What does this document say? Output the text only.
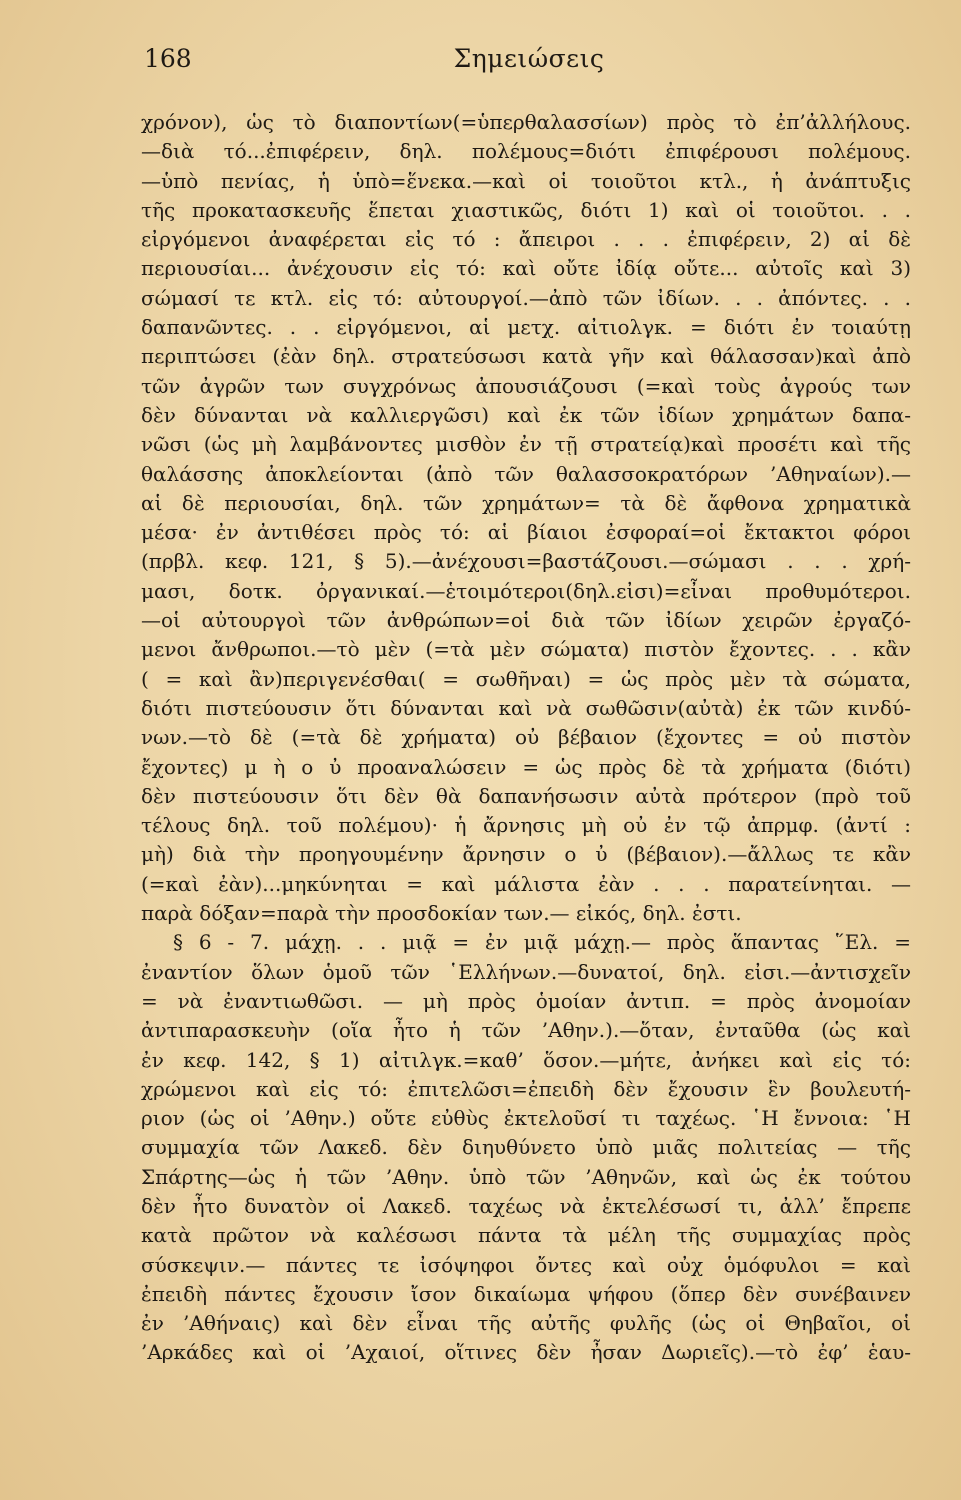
168	Σημειώσεις
χρόνον), ὡς τὸ διαποντίων(=ὑπερθαλασσίων) πρὸς τὸ ἐπ’ἀλλήλους.
—διὰ τό...ἐπιφέρειν, δηλ. πολέμους=διότι ἐπιφέρουσι πολέμους.
—ὑπὸ πενίας, ἡ ὑπὸ=ἕνεκα.—καὶ οἱ τοιοῦτοι κτλ., ἡ ἀνάπτυξις
τῆς προκατασκευῆς ἕπεται χιαστικῶς, διότι 1) καὶ οἱ τοιοῦτοι. . .
εἰργόμενοι ἀναφέρεται εἰς τό : ἄπειροι . . . ἐπιφέρειν, 2) αἱ δὲ
περιουσίαι... ἀνέχουσιν εἰς τό: καὶ οὔτε ἰδίᾳ οὔτε... αὐτοῖς καὶ 3)
σώμασί τε κτλ. εἰς τό: αὐτουργοί.—ἀπὸ τῶν ἰδίων. . . ἀπόντες. . .
δαπανῶντες. . . εἰργόμενοι, αἱ μετχ. αἰτιολγκ. = διότι ἐν τοιαύτῃ
περιπτώσει (ἐὰν δηλ. στρατεύσωσι κατὰ γῆν καὶ θάλασσαν)καὶ ἀπὸ
τῶν ἀγρῶν των συγχρόνως ἀπουσιάζουσι (=καὶ τοὺς ἀγρούς των
δὲν δύνανται νὰ καλλιεργῶσι) καὶ ἐκ τῶν ἰδίων χρημάτων δαπα-
νῶσι (ὡς μὴ λαμβάνοντες μισθὸν ἐν τῇ στρατείᾳ)καὶ προσέτι καὶ τῆς
θαλάσσης ἀποκλείονται (ἀπὸ τῶν θαλασσοκρατόρων ’Αθηναίων).—
αἱ δὲ περιουσίαι, δηλ. τῶν χρημάτων= τὰ δὲ ἄφθονα χρηματικὰ
μέσα· ἐν ἀντιθέσει πρὸς τό: αἱ βίαιοι ἐσφοραί=οἱ ἔκτακτοι φόροι
(πρβλ. κεφ. 121, § 5).—ἀνέχουσι=βαστάζουσι.—σώμασι . . . χρή-
μασι, δοτκ. ὀργανικαί.—ἑτοιμότεροι(δηλ.εἰσι)=εἶναι προθυμότεροι.
—οἱ αὐτουργοὶ τῶν ἀνθρώπων=οἱ διὰ τῶν ἰδίων χειρῶν ἐργαζό-
μενοι ἄνθρωποι.—τὸ μὲν (=τὰ μὲν σώματα) πιστὸν ἔχοντες. . . κἂν
( = καὶ ἂν)περιγενέσθαι( = σωθῆναι) = ὡς πρὸς μὲν τὰ σώματα,
διότι πιστεύουσιν ὅτι δύνανται καὶ νὰ σωθῶσιν(αὐτὰ) ἐκ τῶν κινδύ-
νων.—τὸ δὲ (=τὰ δὲ χρήματα) οὐ βέβαιον (ἔχοντες = οὐ πιστὸν
ἔχοντες) μ ὴ ο ὐ προαναλώσειν = ὡς πρὸς δὲ τὰ χρήματα (διότι)
δὲν πιστεύουσιν ὅτι δὲν θὰ δαπανήσωσιν αὐτὰ πρότερον (πρὸ τοῦ
τέλους δηλ. τοῦ πολέμου)· ἡ ἄρνησις μὴ οὐ ἐν τῷ ἀπρμφ. (ἀντί :
μὴ) διὰ τὴν προηγουμένην ἄρνησιν ο ὐ (βέβαιον).—ἄλλως τε κἂν
(=καὶ ἐὰν)...μηκύνηται = καὶ μάλιστα ἐὰν . . . παρατείνηται. —
παρὰ δόξαν=παρὰ τὴν προσδοκίαν των.— εἰκός, δηλ. ἐστι.
§ 6 - 7. μάχῃ. . . μιᾷ = ἐν μιᾷ μάχῃ.— πρὸς ἅπαντας ῞Ελ. =
ἐναντίον ὅλων ὁμοῦ τῶν ῾Ελλήνων.—δυνατοί, δηλ. εἰσι.—ἀντισχεῖν
= νὰ ἐναντιωθῶσι. — μὴ πρὸς ὁμοίαν ἀντιπ. = πρὸς ἀνομοίαν
ἀντιπαρασκευὴν (οἵα ἦτο ἡ τῶν ’Αθην.).—ὅταν, ἐνταῦθα (ὡς καὶ
ἐν κεφ. 142, § 1) αἰτιλγκ.=καθ’ ὅσον.—μήτε, ἀνήκει καὶ εἰς τό:
χρώμενοι καὶ εἰς τό: ἐπιτελῶσι=ἐπειδὴ δὲν ἔχουσιν ἓν βουλευτή-
ριον (ὡς οἱ ’Αθην.) οὔτε εὐθὺς ἐκτελοῦσί τι ταχέως. ῾Η ἔννοια: ῾Η
συμμαχία τῶν Λακεδ. δὲν διηυθύνετο ὑπὸ μιᾶς πολιτείας — τῆς
Σπάρτης—ὡς ἡ τῶν ’Αθην. ὑπὸ τῶν ’Αθηνῶν, καὶ ὡς ἐκ τούτου
δὲν ἦτο δυνατὸν οἱ Λακεδ. ταχέως νὰ ἐκτελέσωσί τι, ἀλλ’ ἔπρεπε
κατὰ πρῶτον νὰ καλέσωσι πάντα τὰ μέλη τῆς συμμαχίας πρὸς
σύσκεψιν.— πάντες τε ἰσόψηφοι ὄντες καὶ οὐχ ὁμόφυλοι = καὶ
ἐπειδὴ πάντες ἔχουσιν ἴσον δικαίωμα ψήφου (ὅπερ δὲν συνέβαινεν
ἐν ’Αθήναις) καὶ δὲν εἶναι τῆς αὐτῆς φυλῆς (ὡς οἱ Θηβαῖοι, οἱ
’Αρκάδες καὶ οἱ ’Αχαιοί, οἵτινες δὲν ἦσαν Δωριεῖς).—τὸ ἐφ’ ἑαυ-
